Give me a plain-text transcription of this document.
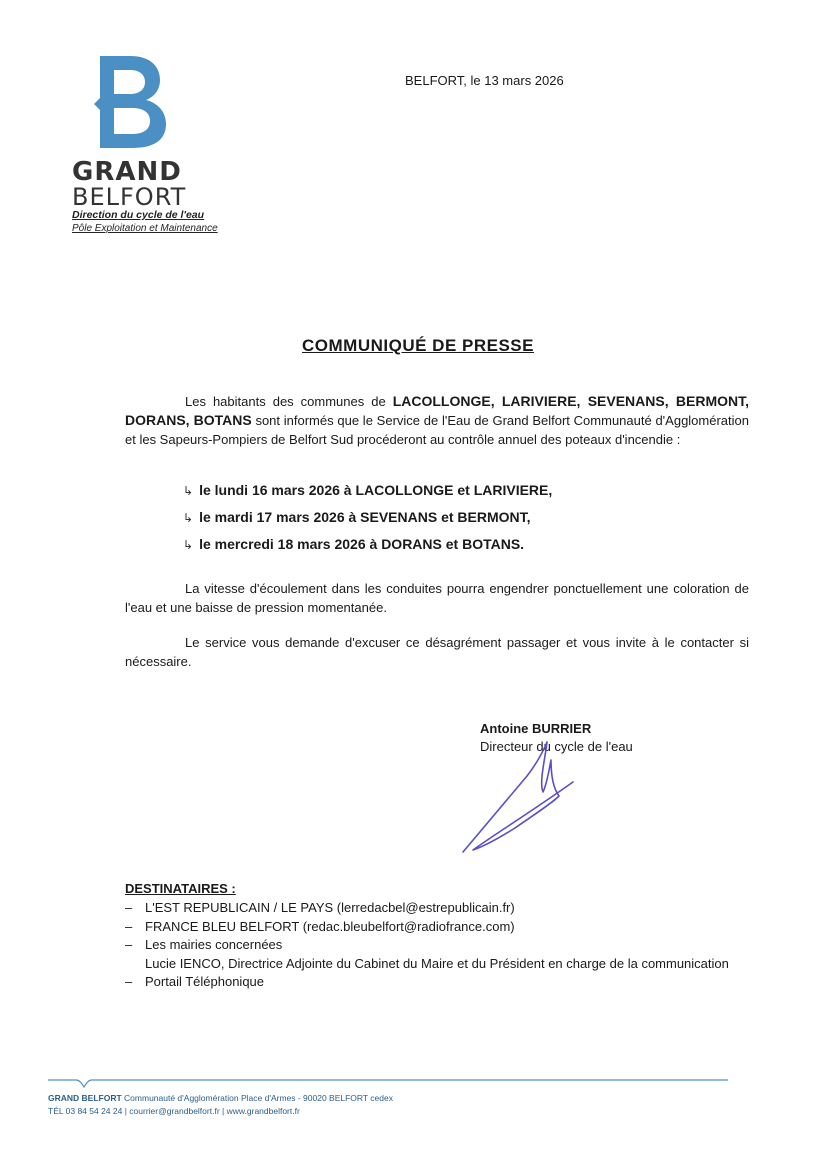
GRAND
BELFORT
Direction du cycle de l'eau
Pôle Exploitation et Maintenance
BELFORT, le 13 mars 2026
COMMUNIQUÉ DE PRESSE
Les habitants des communes de LACOLLONGE, LARIVIERE, SEVENANS, BERMONT, DORANS, BOTANS sont informés que le Service de l'Eau de Grand Belfort Communauté d'Agglomération et les Sapeurs-Pompiers de Belfort Sud procéderont au contrôle annuel des poteaux d'incendie :
↳ le lundi 16 mars 2026 à LACOLLONGE et LARIVIERE,
↳ le mardi 17 mars 2026 à SEVENANS et BERMONT,
↳ le mercredi 18 mars 2026 à DORANS et BOTANS.
La vitesse d'écoulement dans les conduites pourra engendrer ponctuellement une coloration de l'eau et une baisse de pression momentanée.
Le service vous demande d'excuser ce désagrément passager et vous invite à le contacter si nécessaire.
Antoine BURRIER
Directeur du cycle de l'eau
DESTINATAIRES :
– L'EST REPUBLICAIN / LE PAYS (lerredacbel@estrepublicain.fr)
– FRANCE BLEU BELFORT (redac.bleubelfort@radiofrance.com)
– Les mairies concernées
Lucie IENCO, Directrice Adjointe du Cabinet du Maire et du Président en charge de la communication
– Portail Téléphonique
GRAND BELFORT Communauté d'Agglomération Place d'Armes - 90020 BELFORT cedex
TÉL 03 84 54 24 24 | courrier@grandbelfort.fr | www.grandbelfort.fr
